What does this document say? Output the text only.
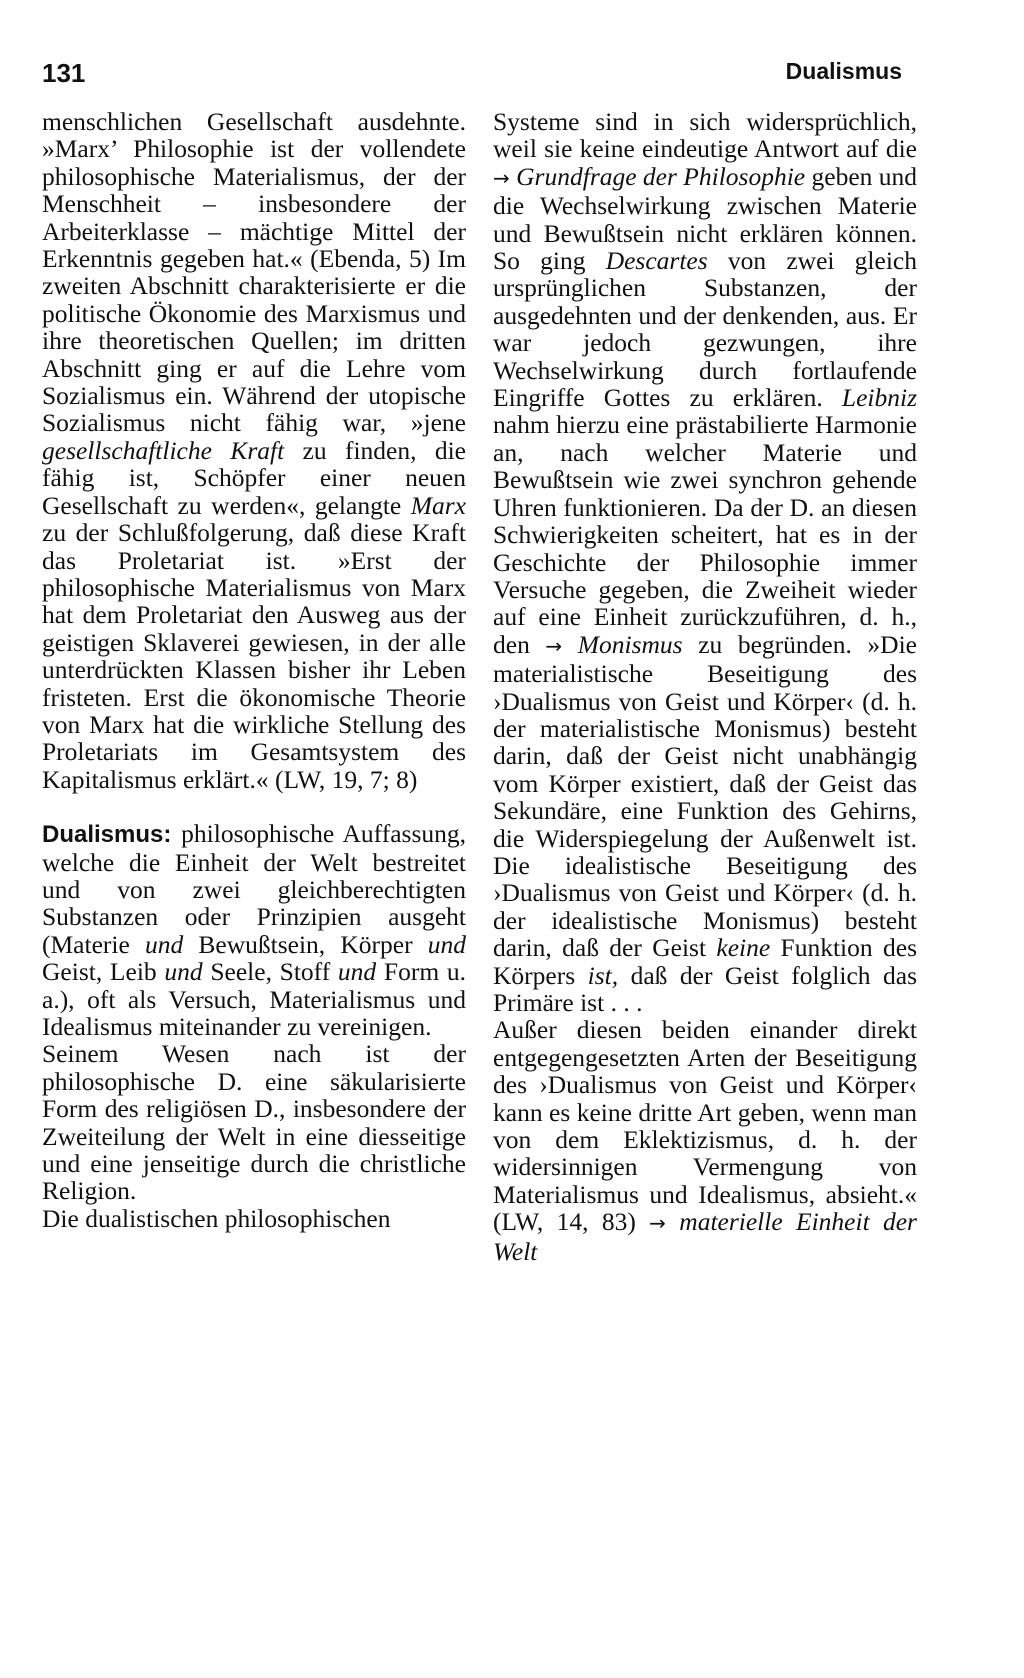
131	Dualismus

menschlichen Gesellschaft ausdehnte. »Marx’ Philosophie ist der vollendete philosophische Materialismus, der der Menschheit – insbesondere der Arbeiterklasse – mächtige Mittel der Erkenntnis gegeben hat.« (Ebenda, 5) Im zweiten Abschnitt charakterisierte er die politische Ökonomie des Marxismus und ihre theoretischen Quellen; im dritten Abschnitt ging er auf die Lehre vom Sozialismus ein. Während der utopische Sozialismus nicht fähig war, »jene gesellschaftliche Kraft zu finden, die fähig ist, Schöpfer einer neuen Gesellschaft zu werden«, gelangte Marx zu der Schlußfolgerung, daß diese Kraft das Proletariat ist. »Erst der philosophische Materialismus von Marx hat dem Proletariat den Ausweg aus der geistigen Sklaverei gewiesen, in der alle unterdrückten Klassen bisher ihr Leben fristeten. Erst die ökonomische Theorie von Marx hat die wirkliche Stellung des Proletariats im Gesamtsystem des Kapitalismus erklärt.« (LW, 19, 7; 8)

Dualismus: philosophische Auffassung, welche die Einheit der Welt bestreitet und von zwei gleichberechtigten Substanzen oder Prinzipien ausgeht (Materie und Bewußtsein, Körper und Geist, Leib und Seele, Stoff und Form u. a.), oft als Versuch, Materialismus und Idealismus miteinander zu vereinigen.

Seinem Wesen nach ist der philosophische D. eine säkularisierte Form des religiösen D., insbesondere der Zweiteilung der Welt in eine diesseitige und eine jenseitige durch die christliche Religion.

Die dualistischen philosophischen

Systeme sind in sich widersprüchlich, weil sie keine eindeutige Antwort auf die → Grundfrage der Philosophie geben und die Wechselwirkung zwischen Materie und Bewußtsein nicht erklären können. So ging Descartes von zwei gleich ursprünglichen Substanzen, der ausgedehnten und der denkenden, aus. Er war jedoch gezwungen, ihre Wechselwirkung durch fortlaufende Eingriffe Gottes zu erklären. Leibniz nahm hierzu eine prästabilierte Harmonie an, nach welcher Materie und Bewußtsein wie zwei synchron gehende Uhren funktionieren. Da der D. an diesen Schwierigkeiten scheitert, hat es in der Geschichte der Philosophie immer Versuche gegeben, die Zweiheit wieder auf eine Einheit zurückzuführen, d. h., den → Monismus zu begründen. »Die materialistische Beseitigung des ›Dualismus von Geist und Körper‹ (d. h. der materialistische Monismus) besteht darin, daß der Geist nicht unabhängig vom Körper existiert, daß der Geist das Sekundäre, eine Funktion des Gehirns, die Widerspiegelung der Außenwelt ist. Die idealistische Beseitigung des ›Dualismus von Geist und Körper‹ (d. h. der idealistische Monismus) besteht darin, daß der Geist keine Funktion des Körpers ist, daß der Geist folglich das Primäre ist . . .

Außer diesen beiden einander direkt entgegengesetzten Arten der Beseitigung des ›Dualismus von Geist und Körper‹ kann es keine dritte Art geben, wenn man von dem Eklektizismus, d. h. der widersinnigen Vermengung von Materialismus und Idealismus, absieht.« (LW, 14, 83) → materielle Einheit der Welt
